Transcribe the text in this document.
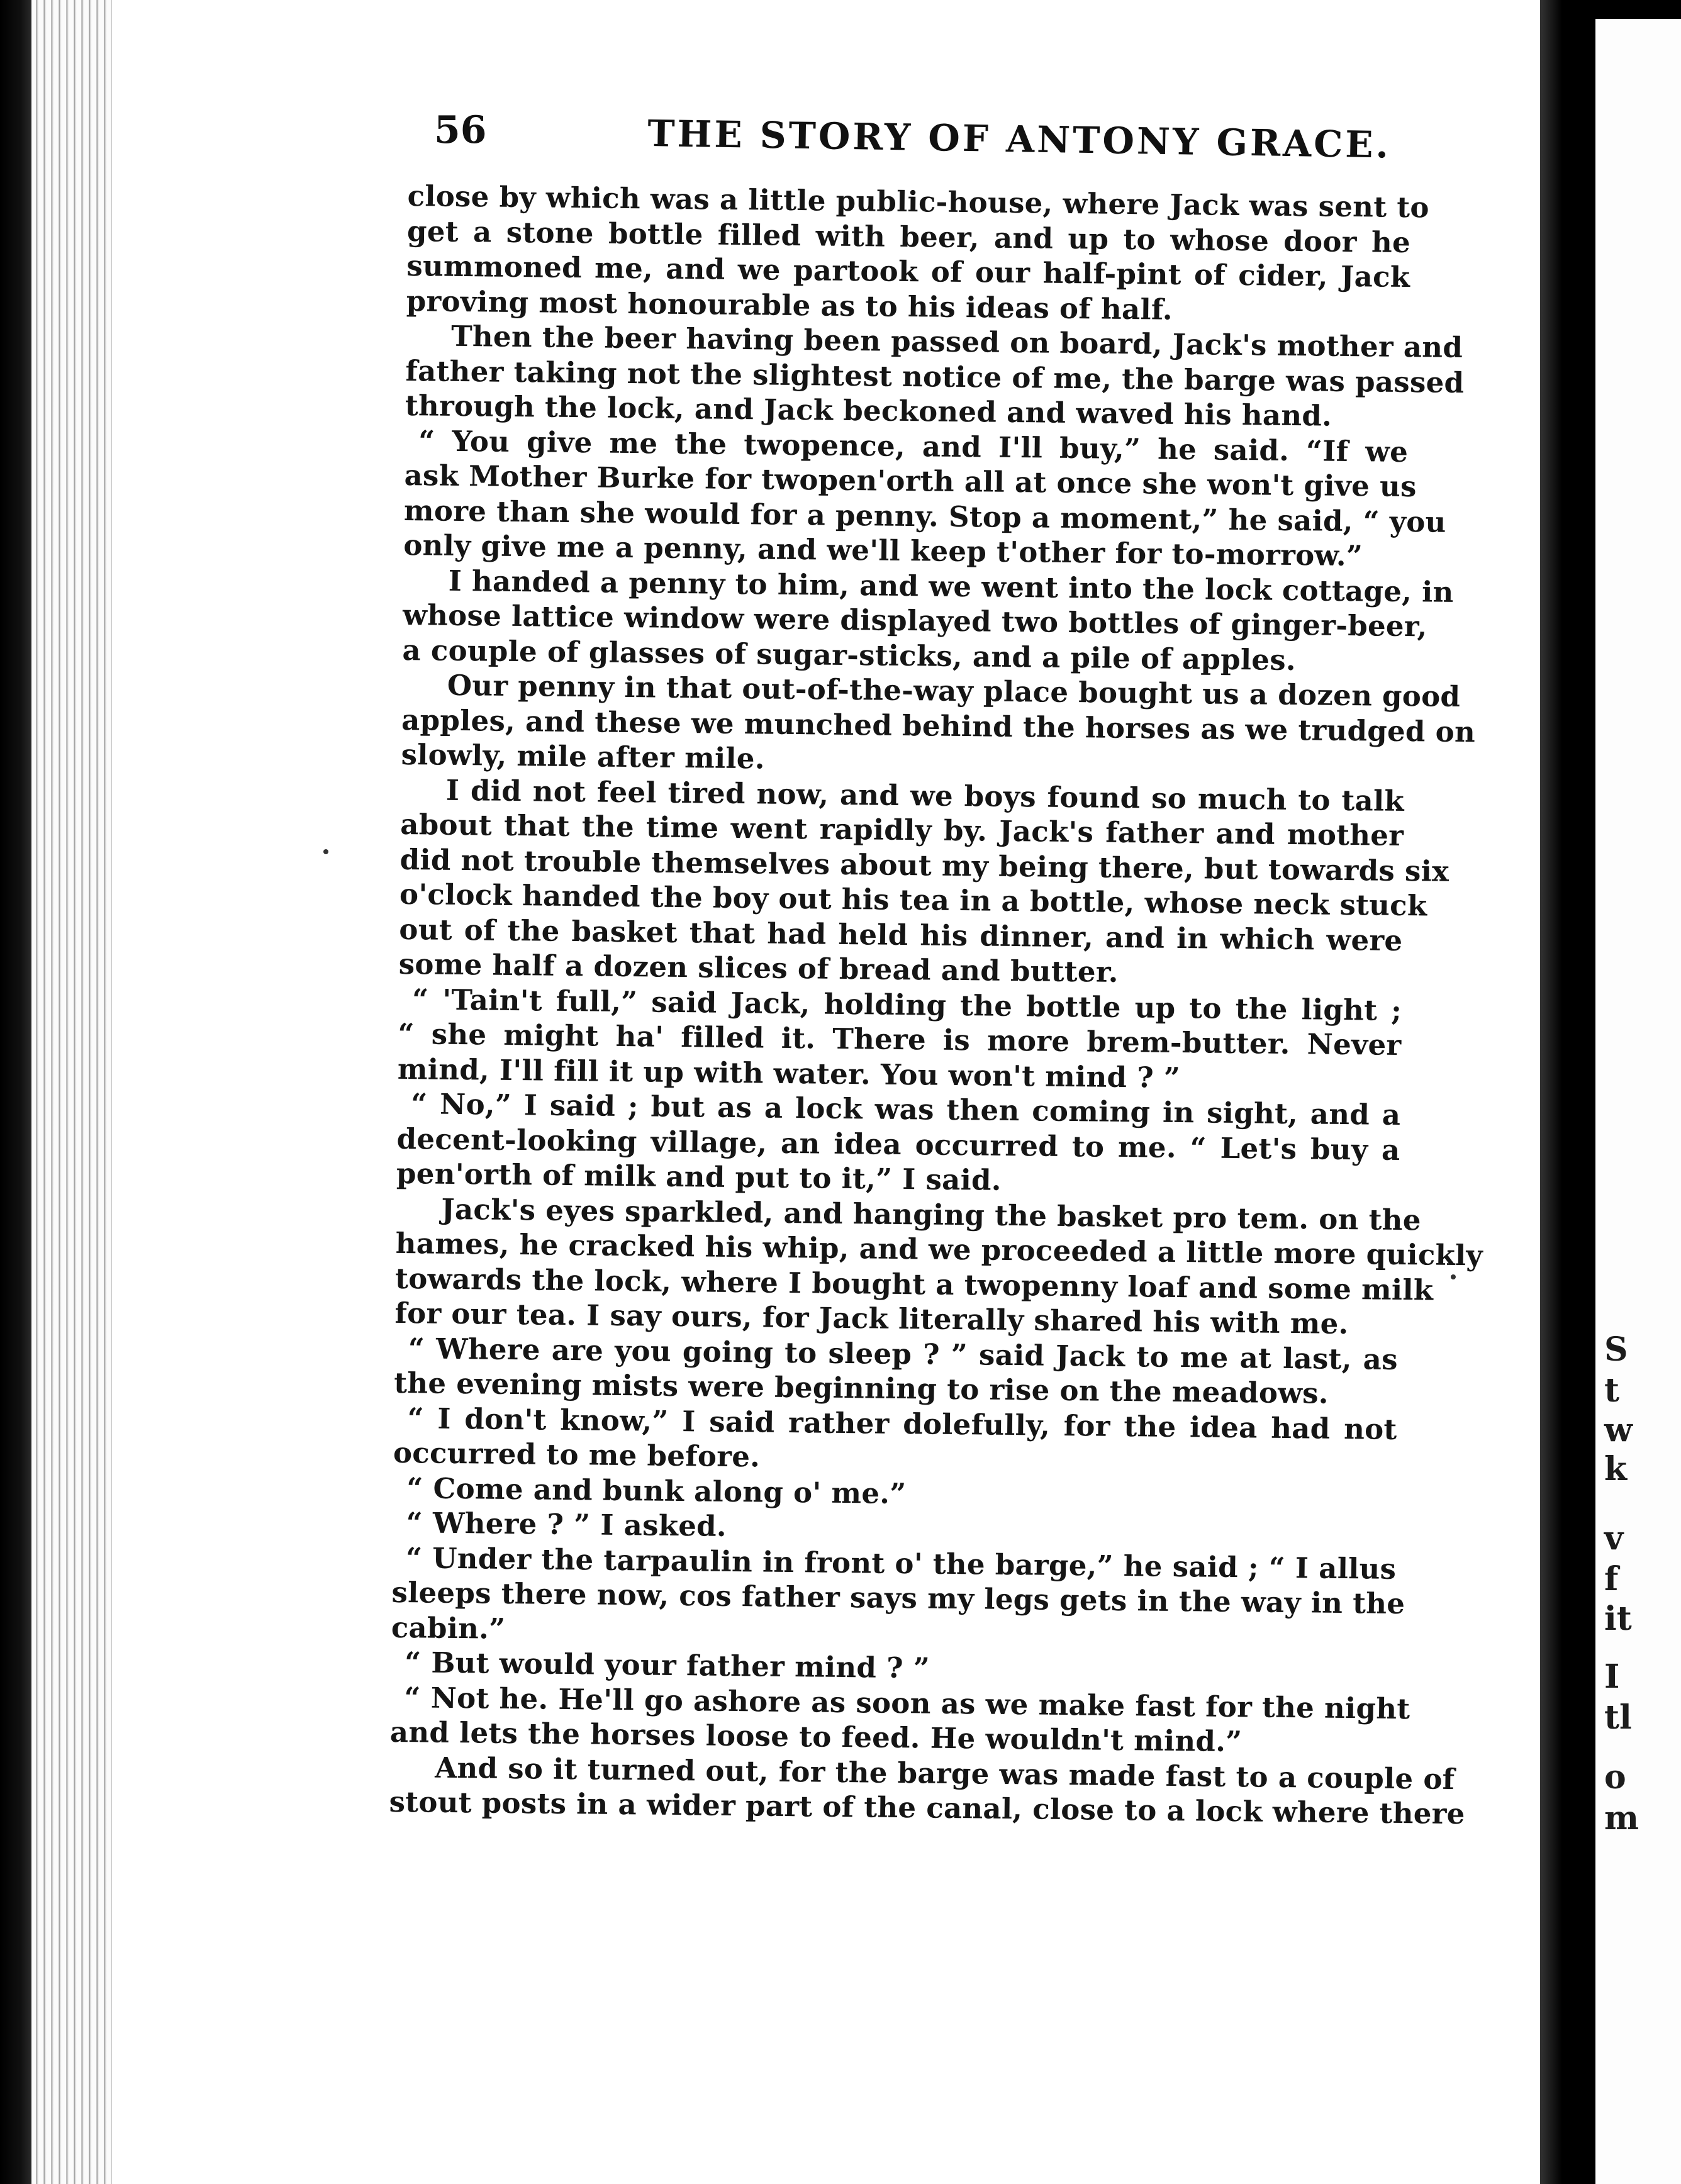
S
t
w
k
v
f
it
I
tl
o
m
56	THE STORY OF ANTONY GRACE.
close by which was a little public-house, where Jack was sent to
get a stone bottle filled with beer, and up to whose door he
summoned me, and we partook of our half-pint of cider, Jack
proving most honourable as to his ideas of half.
Then the beer having been passed on board, Jack's mother and
father taking not the slightest notice of me, the barge was passed
through the lock, and Jack beckoned and waved his hand.
“ You give me the twopence, and I'll buy,” he said. “If we
ask Mother Burke for twopen'orth all at once she won't give us
more than she would for a penny. Stop a moment,” he said, “ you
only give me a penny, and we'll keep t'other for to-morrow.”
I handed a penny to him, and we went into the lock cottage, in
whose lattice window were displayed two bottles of ginger-beer,
a couple of glasses of sugar-sticks, and a pile of apples.
Our penny in that out-of-the-way place bought us a dozen good
apples, and these we munched behind the horses as we trudged on
slowly, mile after mile.
I did not feel tired now, and we boys found so much to talk
about that the time went rapidly by. Jack's father and mother
did not trouble themselves about my being there, but towards six
o'clock handed the boy out his tea in a bottle, whose neck stuck
out of the basket that had held his dinner, and in which were
some half a dozen slices of bread and butter.
“ 'Tain't full,” said Jack, holding the bottle up to the light ;
“ she might ha' filled it. There is more brem-butter. Never
mind, I'll fill it up with water. You won't mind ? ”
“ No,” I said ; but as a lock was then coming in sight, and a
decent-looking village, an idea occurred to me. “ Let's buy a
pen'orth of milk and put to it,” I said.
Jack's eyes sparkled, and hanging the basket pro tem. on the
hames, he cracked his whip, and we proceeded a little more quickly
towards the lock, where I bought a twopenny loaf and some milk
for our tea. I say ours, for Jack literally shared his with me.
“ Where are you going to sleep ? ” said Jack to me at last, as
the evening mists were beginning to rise on the meadows.
“ I don't know,” I said rather dolefully, for the idea had not
occurred to me before.
“ Come and bunk along o' me.”
“ Where ? ” I asked.
“ Under the tarpaulin in front o' the barge,” he said ; “ I allus
sleeps there now, cos father says my legs gets in the way in the
cabin.”
“ But would your father mind ? ”
“ Not he. He'll go ashore as soon as we make fast for the night
and lets the horses loose to feed. He wouldn't mind.”
And so it turned out, for the barge was made fast to a couple of
stout posts in a wider part of the canal, close to a lock where there
